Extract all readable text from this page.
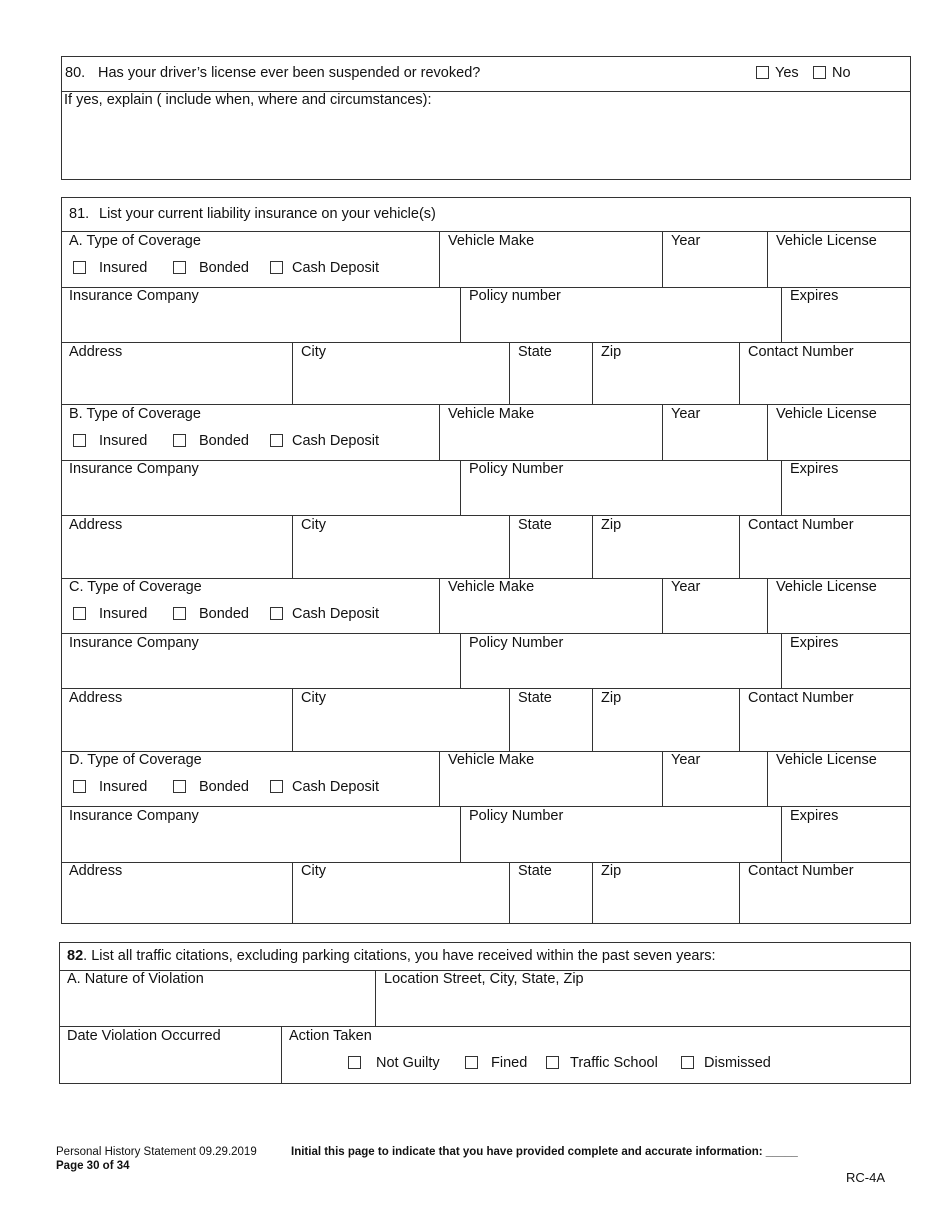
80. Has your driver’s license ever been suspended or revoked?	Yes No
If yes, explain ( include when, where and circumstances):
81. List your current liability insurance on your vehicle(s)
A. Type of Coverage
Insured	Bonded	Cash Deposit
Vehicle Make	Year	Vehicle License
Insurance Company	Policy number	Expires
Address	City	State	Zip	Contact Number
B. Type of Coverage
Insured	Bonded	Cash Deposit
Vehicle Make	Year	Vehicle License
Insurance Company	Policy Number	Expires
Address	City	State	Zip	Contact Number
C. Type of Coverage
Insured	Bonded	Cash Deposit
Vehicle Make	Year	Vehicle License
Insurance Company	Policy Number	Expires
Address	City	State	Zip	Contact Number
D. Type of Coverage
Insured	Bonded	Cash Deposit
Vehicle Make	Year	Vehicle License
Insurance Company	Policy Number	Expires
Address	City	State	Zip	Contact Number
82. List all traffic citations, excluding parking citations, you have received within the past seven years:
A. Nature of Violation	Location Street, City, State, Zip
Date Violation Occurred	Action Taken
Not Guilty	Fined	Traffic School	Dismissed
Personal History Statement 09.29.2019	Initial this page to indicate that you have provided complete and accurate information: _____
Page 30 of 34
RC-4A
